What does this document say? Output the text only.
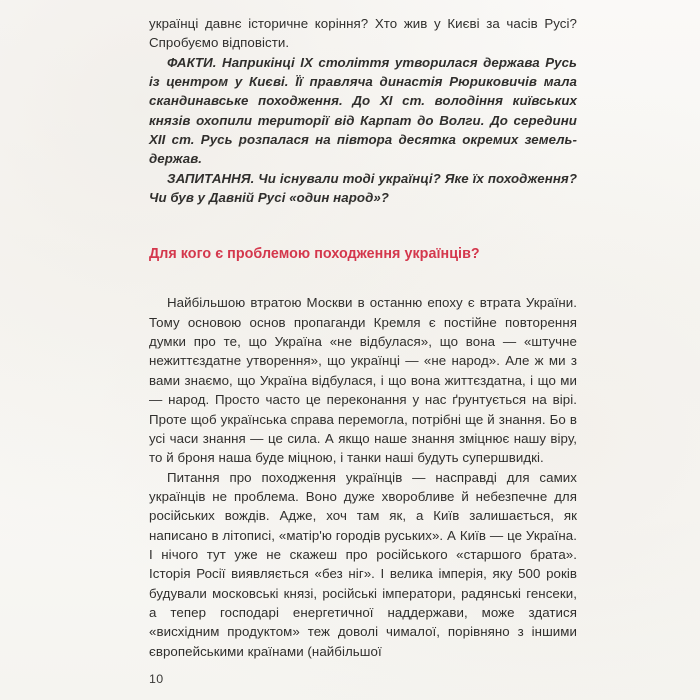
українці давнє історичне коріння? Хто жив у Києві за часів Русі? Спробуємо відповісти.

ФАКТИ. Наприкінці IX століття утворилася держава Русь із центром у Києві. Її правляча династія Рюриковичів мала скандинавське походження. До XI ст. володіння київських князів охопили території від Карпат до Волги. До середини XII ст. Русь розпалася на півтора десятка окремих земель-держав.

ЗАПИТАННЯ. Чи існували тоді українці? Яке їх походження? Чи був у Давній Русі «один народ»?

Для кого є проблемою походження українців?

Найбільшою втратою Москви в останню епоху є втрата України. Тому основою основ пропаганди Кремля є постійне повторення думки про те, що Україна «не відбулася», що вона — «штучне нежиттєздатне утворення», що українці — «не народ». Але ж ми з вами знаємо, що Україна відбулася, і що вона життєздатна, і що ми — народ. Просто часто це переконання у нас ґрунтується на вірі. Проте щоб українська справа перемогла, потрібні ще й знання. Бо в усі часи знання — це сила. А якщо наше знання зміцнює нашу віру, то й броня наша буде міцною, і танки наші будуть супершвидкі.

Питання про походження українців — насправді для самих українців не проблема. Воно дуже хворобливе й небезпечне для російських вождів. Адже, хоч там як, а Київ залишається, як написано в літописі, «матір'ю городів руських». А Київ — це Україна. І нічого тут уже не скажеш про російського «старшого брата». Історія Росії виявляється «без ніг». І велика імперія, яку 500 років будували московські князі, російські імператори, радянські генсеки, а тепер господарі енергетичної наддержави, може здатися «висхідним продуктом» теж доволі чималої, порівняно з іншими європейськими країнами (найбільшої

10
